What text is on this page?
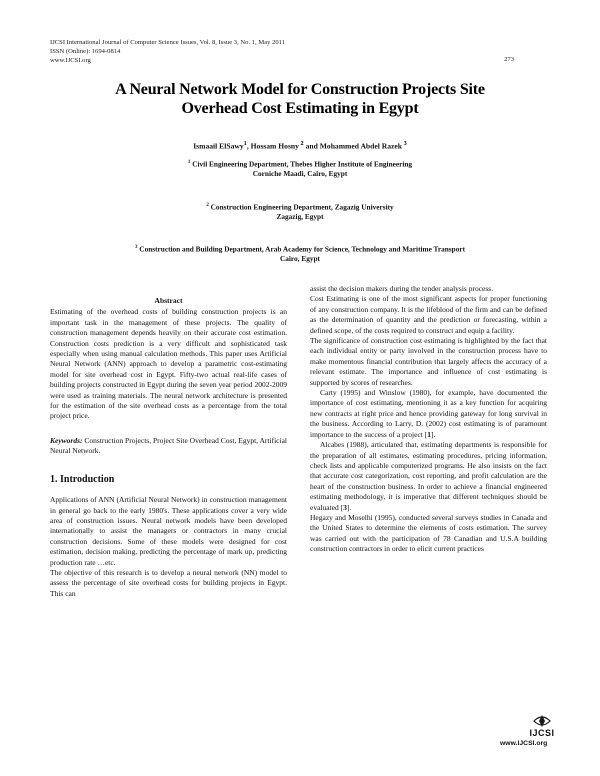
IJCSI International Journal of Computer Science Issues, Vol. 8, Issue 3, No. 1, May 2011
ISSN (Online): 1694-0814
www.IJCSI.org	273
A Neural Network Model for Construction Projects Site
Overhead Cost Estimating in Egypt
Ismaail ElSawy$^1$, Hossam Hosny $^2$ and Mohammed Abdel Razek $^3$
$^1$ Civil Engineering Department, Thebes Higher Institute of Engineering
Corniche Maadi, Cairo, Egypt
$^2$ Construction Engineering Department, Zagazig University
Zagazig, Egypt
$^3$ Construction and Building Department, Arab Academy for Science, Technology and Maritime Transport
Cairo, Egypt

Abstract

Estimating of the overhead costs of building construction projects is an important task in the management of these projects. The quality of construction management depends heavily on their accurate cost estimation. Construction costs prediction is a very difficult and sophisticated task especially when using manual calculation methods. This paper uses Artificial Neural Network (ANN) approach to develop a parametric cost-estimating model for site overhead cost in Egypt. Fifty-two actual real-life cases of building projects constructed in Egypt during the seven year period 2002-2009 were used as training materials. The neural network architecture is presented for the estimation of the site overhead costs as a percentage from the total project price.

Keywords: Construction Projects, Project Site Overhead Cost, Egypt, Artificial Neural Network.

1. Introduction

Applications of ANN (Artificial Neural Network) in construction management in general go back to the early 1980's. These applications cover a very wide area of construction issues. Neural network models have been developed internationally to assist the managers or contractors in many crucial construction decisions. Some of these models were designed for cost estimation, decision making, predicting the percentage of mark up, predicting production rate …etc.

The objective of this research is to develop a neural network (NN) model to assess the percentage of site overhead costs for building projects in Egypt. This can

assist the decision makers during the tender analysis process.

Cost Estimating is one of the most significant aspects for proper functioning of any construction company. It is the lifeblood of the firm and can be defined as the determination of quantity and the prediction or forecasting, within a defined scope, of the costs required to construct and equip a facility.

The significance of construction cost estimating is highlighted by the fact that each individual entity or party involved in the construction process have to make momentous financial contribution that largely affects the accuracy of a relevant estimate. The importance and influence of cost estimating is supported by scores of researches.

Carty (1995) and Winslow (1980), for example, have documented the importance of cost estimating, mentioning it as a key function for acquiring new contracts at right price and hence providing gateway for long survival in the business. According to Larry, D. (2002) cost estimating is of paramount importance to the success of a project [1].

Alcabes (1988), articulated that, estimating departments is responsible for the preparation of all estimates, estimating procedures, pricing information, check lists and applicable computerized programs. He also insists on the fact that accurate cost categorization, cost reporting, and profit calculation are the heart of the construction business. In order to achieve a financial engineered estimating methodology, it is imperative that different techniques should be evaluated [3].

Hegazy and Moselhi (1995), conducted several surveys studies in Canada and the United States to determine the elements of costs estimation. The survey was carried out with the participation of 78 Canadian and U.S.A building construction contractors in order to elicit current practices

IJCSI
www.IJCSI.org
